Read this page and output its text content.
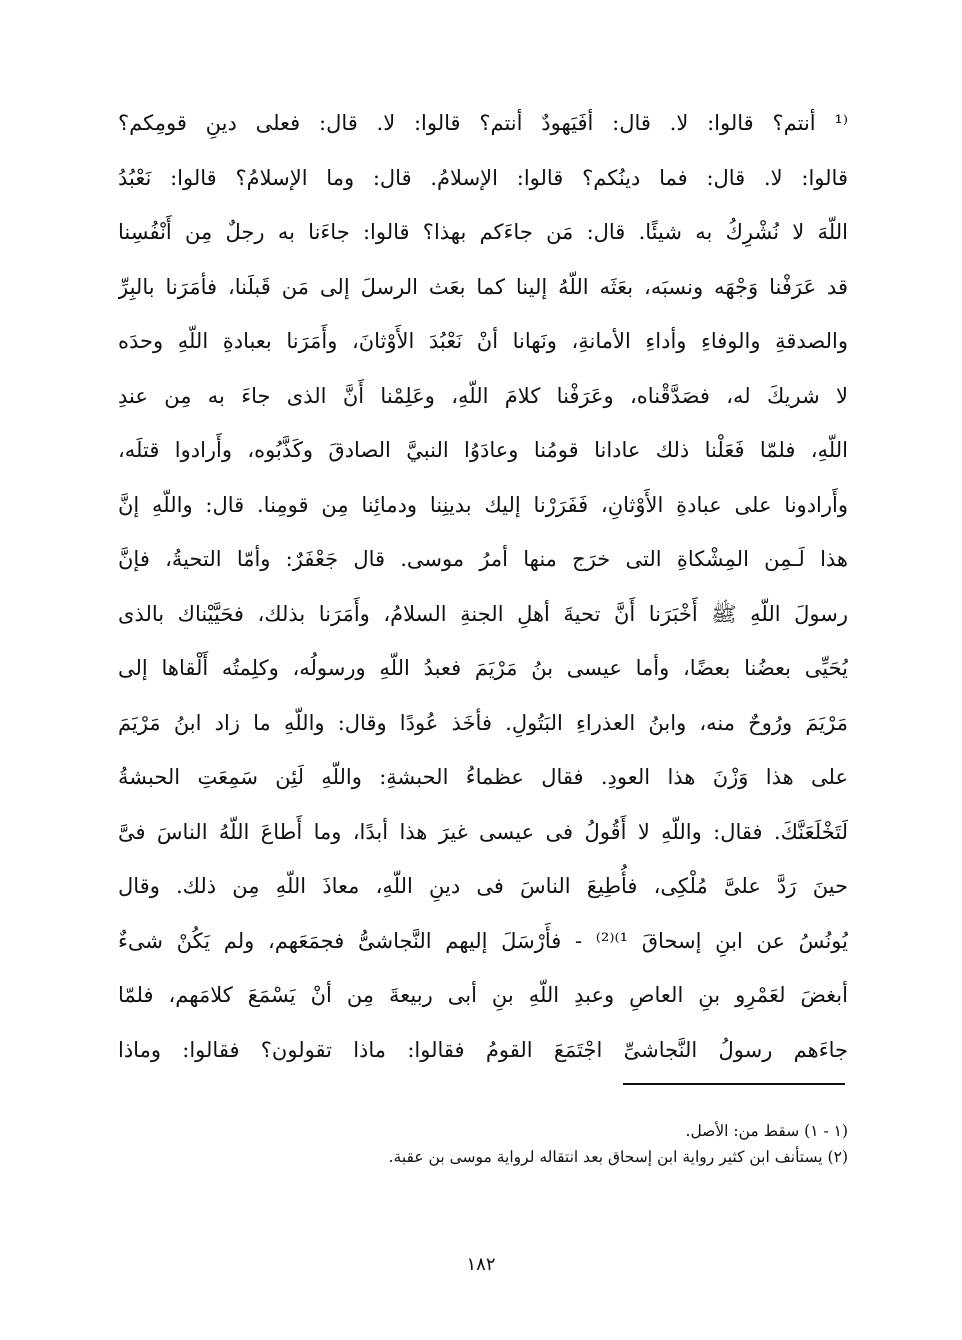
⁽¹ أنتم؟ قالوا: لا. قال: أفَيَهودٌ أنتم؟ قالوا: لا. قال: فعلى دينِ قومِكم؟
قالوا: لا. قال: فما دينُكم؟ قالوا: الإسلامُ. قال: وما الإسلامُ؟ قالوا: نَعْبُدُ
اللّهَ لا نُشْرِكُ به شيئًا. قال: مَن جاءَكم بهذا؟ قالوا: جاءَنا به رجلٌ مِن أَنْفُسِنا
قد عَرَفْنا وَجْهَه ونسبَه، بعَثَه اللّهُ إلينا كما بعَث الرسلَ إلى مَن قَبلَنا، فأمَرَنا بالبِرِّ
والصدقةِ والوفاءِ وأداءِ الأمانةِ، ونَهانا أنْ نَعْبُدَ الأَوْثانَ، وأَمَرَنا بعبادةِ اللّهِ وحدَه
لا شريكَ له، فصَدَّقْناه، وعَرَفْنا كلامَ اللّهِ، وعَلِمْنا أَنَّ الذى جاءَ به مِن عندِ
اللّهِ، فلمّا فَعَلْنا ذلك عادانا قومُنا وعادَوُا النبيَّ الصادقَ وكَذَّبُوه، وأَرادوا قتلَه،
وأَرادونا على عبادةِ الأَوْثانِ، فَفَرَرْنا إليك بدينِنا ودمائِنا مِن قومِنا. قال: واللّهِ إنَّ
هذا لَـمِن المِشْكاةِ التى خرَج منها أمرُ موسى. قال جَعْفَرٌ: وأمّا التحيةُ، فإنَّ
رسولَ اللّهِ ﷺ أَخْبَرَنا أَنَّ تحيةَ أهلِ الجنةِ السلامُ، وأَمَرَنا بذلك، فحَيَّيْناك بالذى
يُحَيِّى بعضُنا بعضًا، وأما عيسى بنُ مَرْيَمَ فعبدُ اللّهِ ورسولُه، وكلِمتُه أَلْقاها إلى
مَرْيَمَ ورُوحٌ منه، وابنُ العذراءِ البَتُولِ. فأخَذ عُودًا وقال: واللّهِ ما زاد ابنُ مَرْيَمَ
على هذا وَزْنَ هذا العودِ. فقال عظماءُ الحبشةِ: واللّهِ لَئِن سَمِعَتِ الحبشةُ
لَتَخْلَعَنَّكَ. فقال: واللّهِ لا أَقُولُ فى عيسى غيرَ هذا أبدًا، وما أَطاعَ اللّهُ الناسَ فىَّ
حينَ رَدَّ علىَّ مُلْكِى، فأُطِيعَ الناسَ فى دينِ اللّهِ، معاذَ اللّهِ مِن ذلك. وقال
يُونُسُ عن ابنِ إسحاقَ ¹⁾⁽²⁾ - فأَرْسَلَ إليهم النَّجاشىُّ فجمَعَهم، ولم يَكُنْ شىءٌ
أبغضَ لعَمْرِو بنِ العاصِ وعبدِ اللّهِ بنِ أبى ربيعةَ مِن أنْ يَسْمَعَ كلامَهم، فلمّا
جاءَهم رسولُ النَّجاشىِّ اجْتَمَعَ القومُ فقالوا: ماذا تقولون؟ فقالوا: وماذا
(١ - ١) سقط من: الأصل.
(٢) يستأنف ابن كثير رواية ابن إسحاق بعد انتقاله لرواية موسى بن عقبة.
١٨٢
